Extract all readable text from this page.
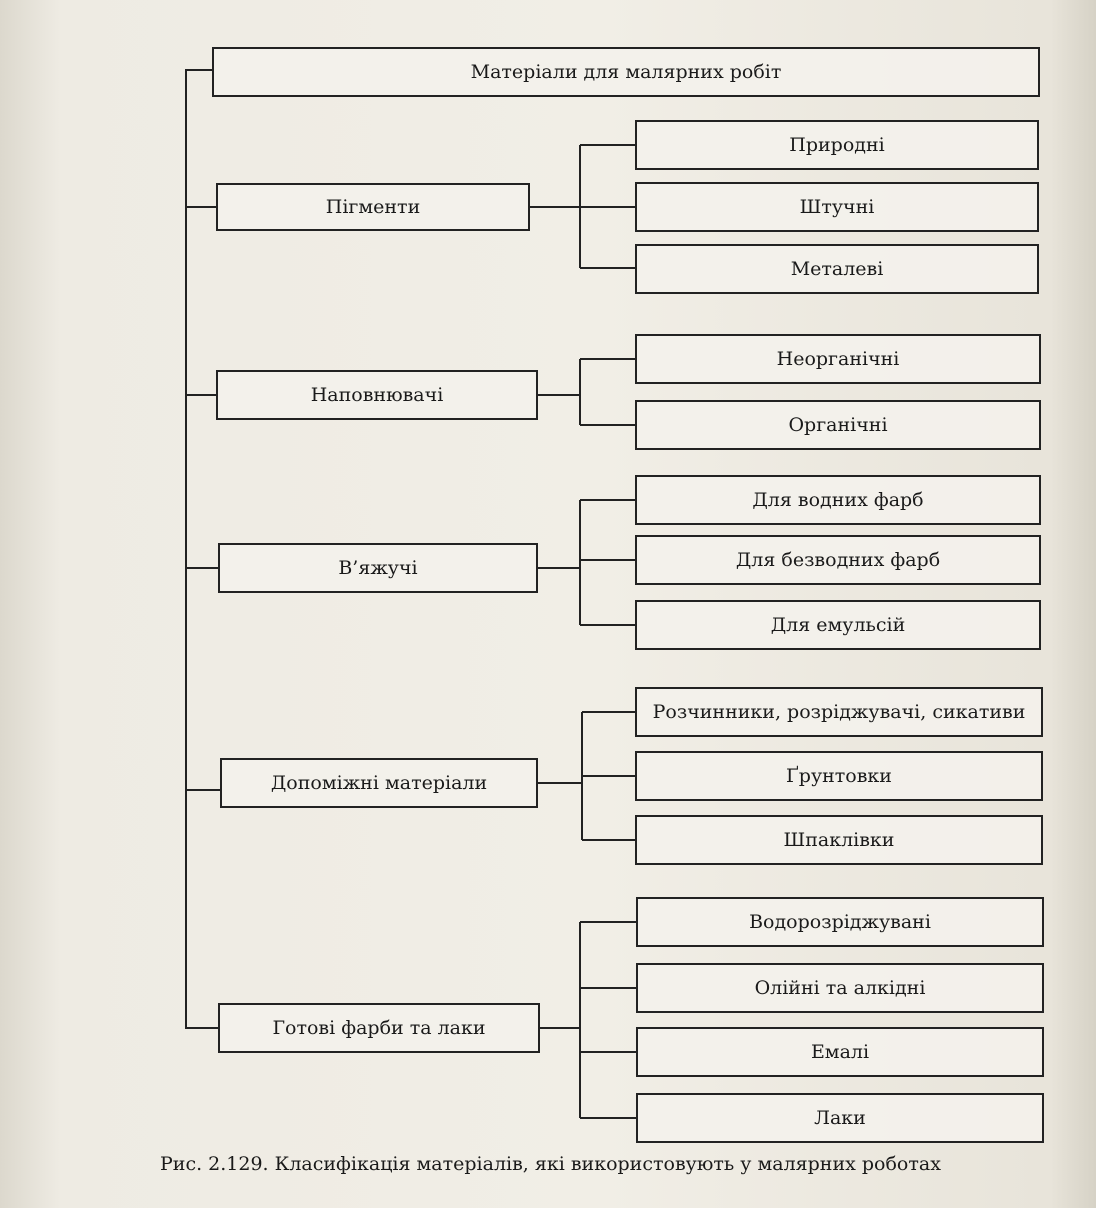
Матеріали для малярних робіт
Пігменти
Природні
Штучні
Металеві
Наповнювачі
Неорганічні
Органічні
В’яжучі
Для водних фарб
Для безводних фарб
Для емульсій
Допоміжні матеріали
Розчинники, розріджувачі, сикативи
Ґрунтовки
Шпаклівки
Готові фарби та лаки
Водорозріджувані
Олійні та алкідні
Емалі
Лаки
Рис. 2.129. Класифікація матеріалів, які використовують у малярних роботах
